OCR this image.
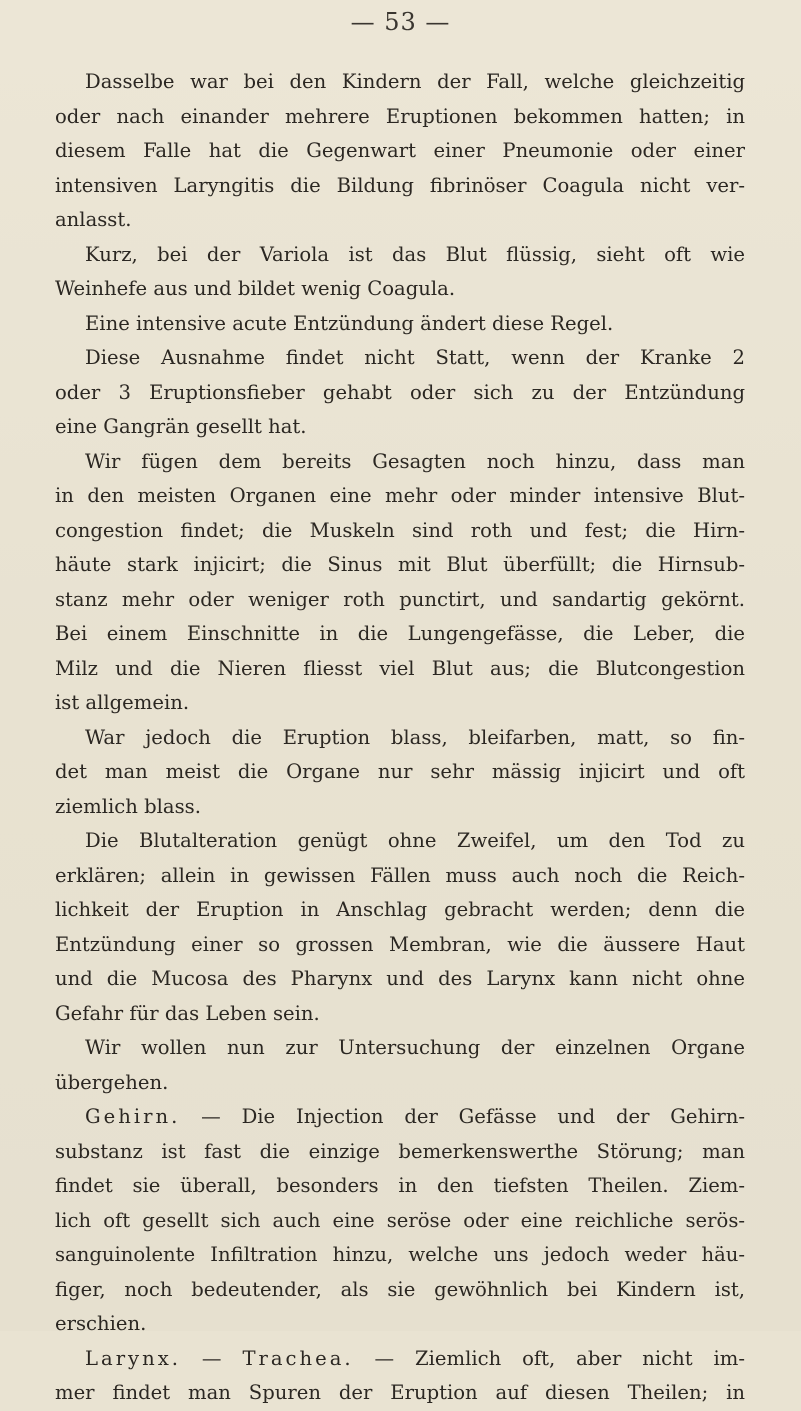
— 53 —
Dasselbe war bei den Kindern der Fall, welche gleichzeitig
oder nach einander mehrere Eruptionen bekommen hatten; in
diesem Falle hat die Gegenwart einer Pneumonie oder einer
intensiven Laryngitis die Bildung fibrinöser Coagula nicht ver-
anlasst.
Kurz, bei der Variola ist das Blut flüssig, sieht oft wie
Weinhefe aus und bildet wenig Coagula.
Eine intensive acute Entzündung ändert diese Regel.
Diese Ausnahme findet nicht Statt, wenn der Kranke 2
oder 3 Eruptionsfieber gehabt oder sich zu der Entzündung
eine Gangrän gesellt hat.
Wir fügen dem bereits Gesagten noch hinzu, dass man
in den meisten Organen eine mehr oder minder intensive Blut-
congestion findet; die Muskeln sind roth und fest; die Hirn-
häute stark injicirt; die Sinus mit Blut überfüllt; die Hirnsub-
stanz mehr oder weniger roth punctirt, und sandartig gekörnt.
Bei einem Einschnitte in die Lungengefässe, die Leber, die
Milz und die Nieren fliesst viel Blut aus; die Blutcongestion
ist allgemein.
War jedoch die Eruption blass, bleifarben, matt, so fin-
det man meist die Organe nur sehr mässig injicirt und oft
ziemlich blass.
Die Blutalteration genügt ohne Zweifel, um den Tod zu
erklären; allein in gewissen Fällen muss auch noch die Reich-
lichkeit der Eruption in Anschlag gebracht werden; denn die
Entzündung einer so grossen Membran, wie die äussere Haut
und die Mucosa des Pharynx und des Larynx kann nicht ohne
Gefahr für das Leben sein.
Wir wollen nun zur Untersuchung der einzelnen Organe
übergehen.
Gehirn. — Die Injection der Gefässe und der Gehirn-
substanz ist fast die einzige bemerkenswerthe Störung; man
findet sie überall, besonders in den tiefsten Theilen. Ziem-
lich oft gesellt sich auch eine seröse oder eine reichliche serös-
sanguinolente Infiltration hinzu, welche uns jedoch weder häu-
figer, noch bedeutender, als sie gewöhnlich bei Kindern ist,
erschien.
Larynx. — Trachea. — Ziemlich oft, aber nicht im-
mer findet man Spuren der Eruption auf diesen Theilen; in
